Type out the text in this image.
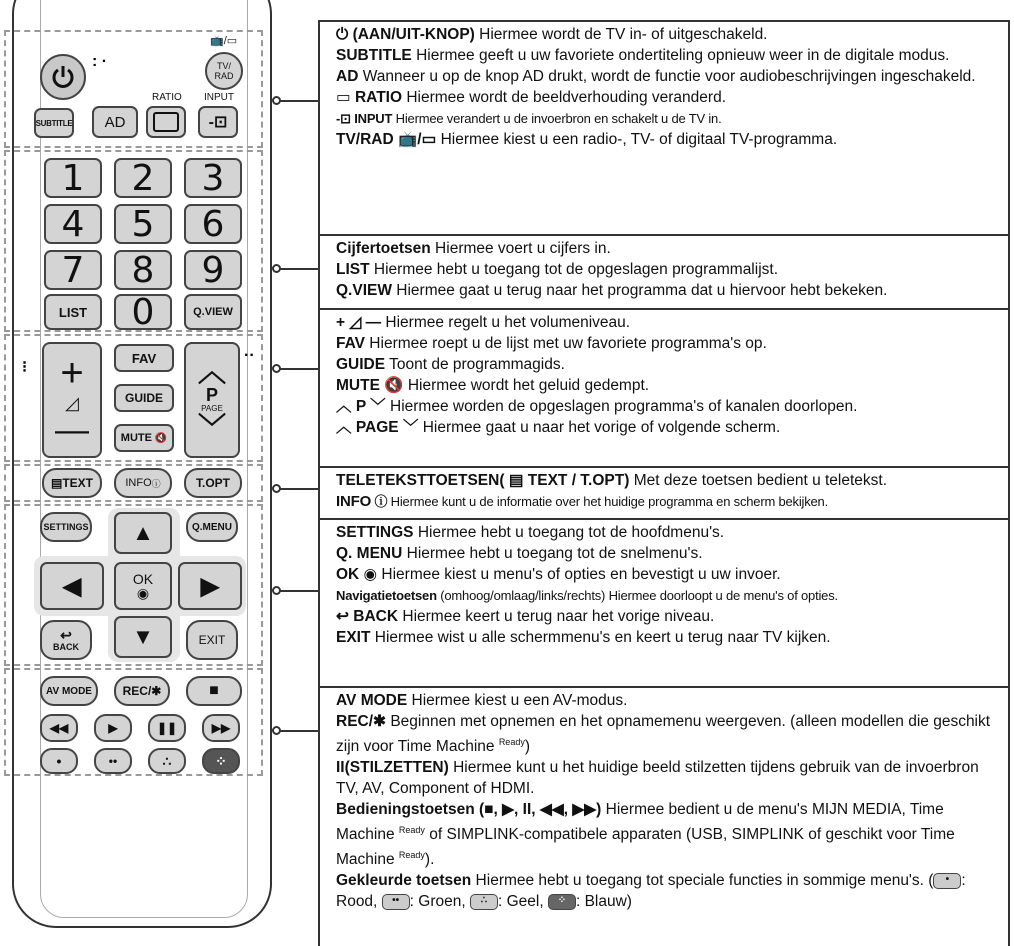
: ·
📺/▭
TV/
RAD
SUBTITLE	AD
RATIO INPUT
-⊡
1	2	3
4	5	6
7	8	9
LIST	0	Q.VIEW
⁝ +
◿
—
FAV
GUIDE
MUTE 🔇
︿
P
PAGE
﹀
··
▤ TEXT	INFO ⓘ	T.OPT
SETTINGS ▲	Q.MENU
◀	OK
◉ ▶
↩
BACK ▼	EXIT
AV MODE	REC/✱	■
◀◀	▶	❚❚	▶▶
•	••	∴	⁘

⏻ (AAN/UIT-KNOP) Hiermee wordt de TV in- of uitgeschakeld.

SUBTITLE Hiermee geeft u uw favoriete ondertiteling opnieuw weer in de digitale modus.

AD Wanneer u op de knop AD drukt, wordt de functie voor audiobeschrijvingen ingeschakeld.

▭ RATIO Hiermee wordt de beeldverhouding veranderd.

-⊡ INPUT Hiermee verandert u de invoerbron en schakelt u de TV in.

TV/RAD 📺/▭ Hiermee kiest u een radio-, TV- of digitaal TV-programma.

Cijfertoetsen Hiermee voert u cijfers in.

LIST Hiermee hebt u toegang tot de opgeslagen programmalijst.

Q.VIEW Hiermee gaat u terug naar het programma dat u hiervoor hebt bekeken.

+ ◿ — Hiermee regelt u het volumeniveau.

FAV Hiermee roept u de lijst met uw favoriete programma's op.

GUIDE Toont de programmagids.

MUTE 🔇 Hiermee wordt het geluid gedempt.

︿ P ﹀ Hiermee worden de opgeslagen programma's of kanalen doorlopen.

︿ PAGE ﹀ Hiermee gaat u naar het vorige of volgende scherm.

TELETEKSTTOETSEN( ▤ TEXT / T.OPT) Met deze toetsen bedient u teletekst.

INFO ⓘ Hiermee kunt u de informatie over het huidige programma en scherm bekijken.

SETTINGS Hiermee hebt u toegang tot de hoofdmenu's.

Q. MENU Hiermee hebt u toegang tot de snelmenu's.

OK ◉ Hiermee kiest u menu's of opties en bevestigt u uw invoer.

Navigatietoetsen (omhoog/omlaag/links/rechts) Hiermee doorloopt u de menu's of opties.

↩ BACK Hiermee keert u terug naar het vorige niveau.

EXIT Hiermee wist u alle schermmenu's en keert u terug naar TV kijken.

AV MODE Hiermee kiest u een AV-modus.

REC/✱ Beginnen met opnemen en het opnamemenu weergeven. (alleen modellen die geschikt zijn voor Time Machine $^{Ready}$)

II(STILZETTEN) Hiermee kunt u het huidige beeld stilzetten tijdens gebruik van de invoerbron TV, AV, Component of HDMI.

Bedieningstoetsen (■, ▶, II, ◀◀, ▶▶) Hiermee bedient u de menu's MIJN MEDIA, Time Machine $^{Ready}$ of SIMPLINK-compatibele apparaten (USB, SIMPLINK of geschikt voor Time Machine $^{Ready}$).

Gekleurde toetsen Hiermee hebt u toegang tot speciale functies in sommige menu's. ( • : Rood, •• : Groen, ∴ : Geel, ⁘ : Blauw)
